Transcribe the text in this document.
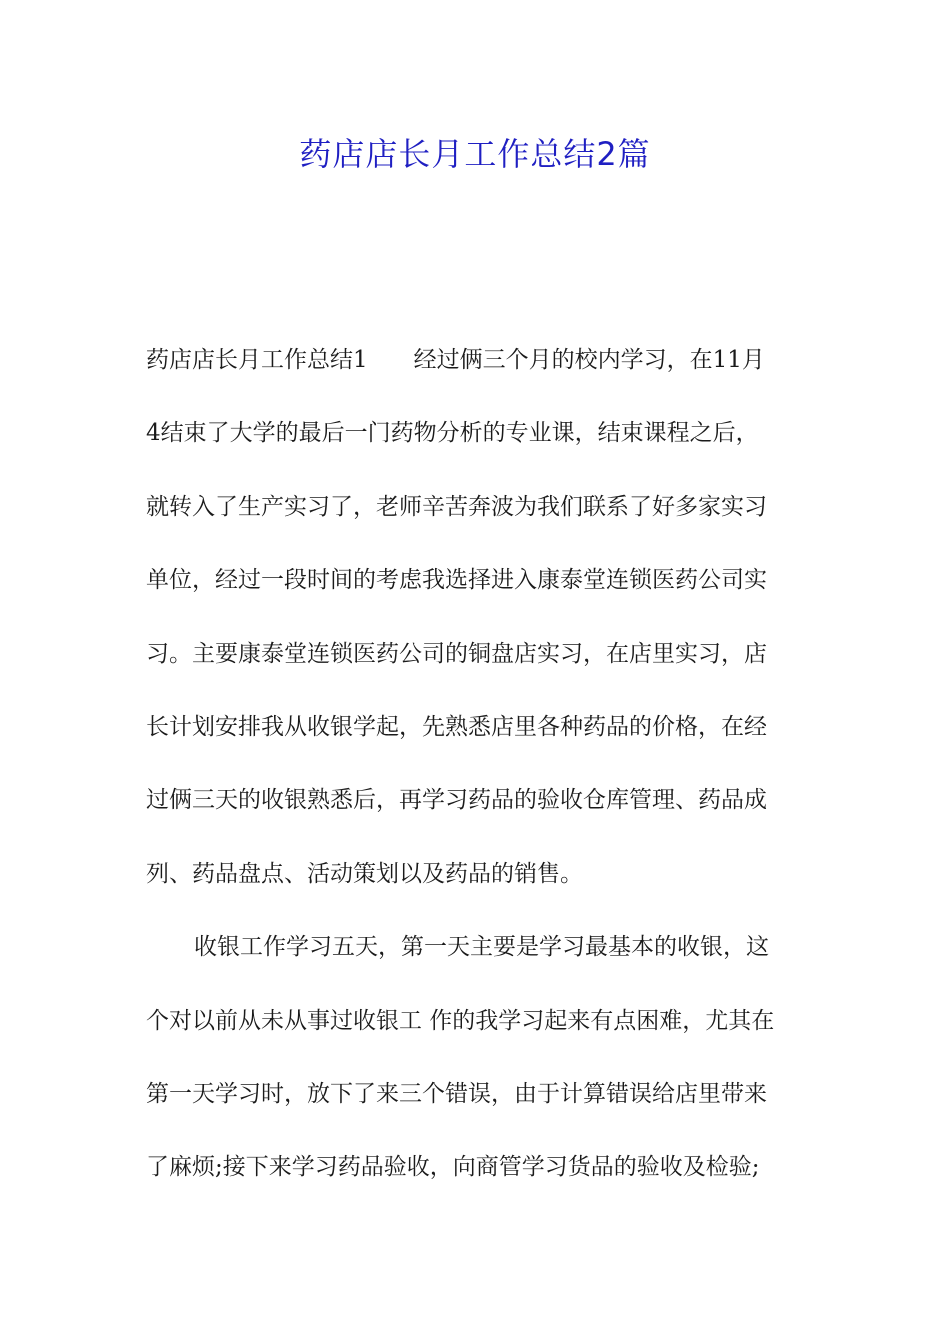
药店店长月工作总结2篇
药店店长月工作总结1　　经过俩三个月的校内学习，在11月
4结束了大学的最后一门药物分析的专业课，结束课程之后，
就转入了生产实习了，老师辛苦奔波为我们联系了好多家实习
单位，经过一段时间的考虑我选择进入康泰堂连锁医药公司实
习。主要康泰堂连锁医药公司的铜盘店实习，在店里实习，店
长计划安排我从收银学起，先熟悉店里各种药品的价格，在经
过俩三天的收银熟悉后，再学习药品的验收仓库管理、药品成
列、药品盘点、活动策划以及药品的销售。
收银工作学习五天，第一天主要是学习最基本的收银，这
个对以前从未从事过收银工 作的我学习起来有点困难，尤其在
第一天学习时，放下了来三个错误，由于计算错误给店里带来
了麻烦;接下来学习药品验收，向商管学习货品的验收及检验;
